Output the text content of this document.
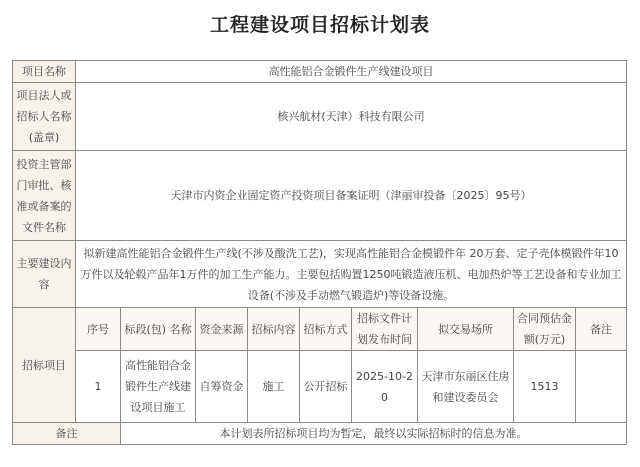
工程建设项目招标计划表
项目名称	高性能铝合金锻件生产线建设项目								
项目法人或招标人名称(盖章)	核兴航材(天津）科技有限公司								
投资主管部门审批、核准或备案的文件名称	天津市内资企业固定资产投资项目备案证明（津丽审投备〔2025〕95号）								
主要建设内容	拟新建高性能铝合金锻件生产线(不涉及酸洗工艺)，实现高性能铝合金模锻件年 20万套、定子壳体模锻件年10万件以及轮毂产品年1万件的加工生产能力。主要包括购置1250吨锻造液压机、电加热炉等工艺设备和专业加工设备(不涉及手动燃气锻造炉)等设备设施。								
招标项目	序号	标段(包) 名称	资金来源	招标内容	招标方式	招标文件计划发布时间	拟交易场所	合同预估金额(万元)	备注
	1	高性能铝合金锻件生产线建设项目施工	自筹资金	施工	公开招标	2025-10-20	天津市东丽区住房和建设委员会	1513	
备注		本计划表所招标项目均为暂定，最终以实际招标时的信息为准。							
